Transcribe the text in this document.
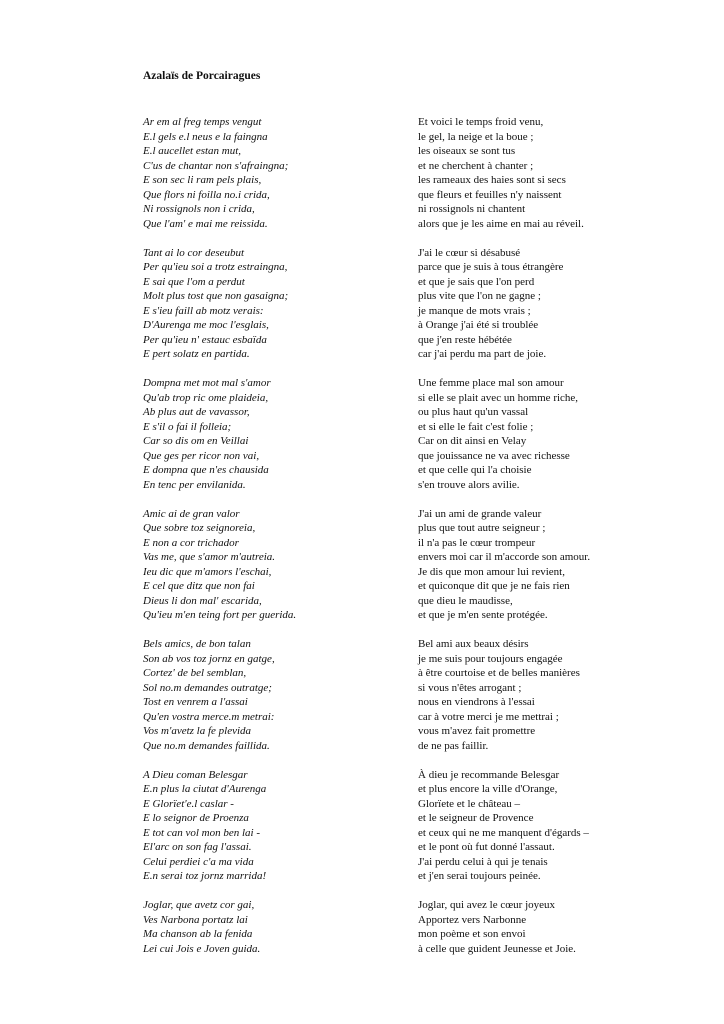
Azalaïs de Porcairagues
Ar em al freg temps vengut
E.l gels e.l neus e la faingna
E.l aucellet estan mut,
C'us de chantar non s'afraingna;
E son sec li ram pels plais,
Que flors ni foilla no.i crida,
Ni rossignols non i crida,
Que l'am' e mai me reissida.
Tant ai lo cor deseubut
Per qu'ieu soi a trotz estraingna,
E sai que l'om a perdut
Molt plus tost que non gasaigna;
E s'ieu faill ab motz verais:
D'Aurenga me moc l'esglais,
Per qu'ieu n' estauc esbaïda
E pert solatz en partida.
Dompna met mot mal s'amor
Qu'ab trop ric ome plaideia,
Ab plus aut de vavassor,
E s'il o fai il folleia;
Car so dis om en Veillai
Que ges per ricor non vai,
E dompna que n'es chausida
En tenc per envilanida.
Amic ai de gran valor
Que sobre toz seignoreia,
E non a cor trichador
Vas me, que s'amor m'autreia.
Ieu dic que m'amors l'eschai,
E cel que ditz que non fai
Dieus li don mal' escarida,
Qu'ieu m'en teing fort per guerida.
Bels amics, de bon talan
Son ab vos toz jornz en gatge,
Cortez' de bel semblan,
Sol no.m demandes outratge;
Tost en venrem a l'assai
Qu'en vostra merce.m metrai:
Vos m'avetz la fe plevida
Que no.m demandes faillida.
A Dieu coman Belesgar
E.n plus la ciutat d'Aurenga
E Glorïet'e.l caslar -
E lo seignor de Proenza
E tot can vol mon ben lai -
El'arc on son fag l'assai.
Celui perdiei c'a ma vida
E.n serai toz jornz marrida!
Joglar, que avetz cor gai,
Ves Narbona portatz lai
Ma chanson ab la fenida
Lei cui Jois e Joven guida.
Et voici le temps froid venu,
le gel, la neige et la boue ;
les oiseaux se sont tus
et ne cherchent à chanter ;
les rameaux des haies sont si secs
que fleurs et feuilles n'y naissent
ni rossignols ni chantent
alors que je les aime en mai au réveil.
J'ai le cœur si désabusé
parce que je suis à tous étrangère
et que je sais que l'on perd
plus vite que l'on ne gagne ;
je manque de mots vrais ;
à Orange j'ai été si troublée
que j'en reste hébétée
car j'ai perdu ma part de joie.
Une femme place mal son amour
si elle se plait avec un homme riche,
ou plus haut qu'un vassal
et si elle le fait c'est folie ;
Car on dit ainsi en Velay
que jouissance ne va avec richesse
et que celle qui l'a choisie
s'en trouve alors avilie.
J'ai un ami de grande valeur
plus que tout autre seigneur ;
il n'a pas le cœur trompeur
envers moi car il m'accorde son amour.
Je dis que mon amour lui revient,
et quiconque dit que je ne fais rien
que dieu le maudisse,
et que je m'en sente protégée.
Bel ami aux beaux désirs
je me suis pour toujours engagée
à être courtoise et de belles manières
si vous n'êtes arrogant ;
nous en viendrons à l'essai
car à votre merci je me mettrai ;
vous m'avez fait promettre
de ne pas faillir.
À dieu je recommande Belesgar
et plus encore la ville d'Orange,
Glorïete et le château –
et le seigneur de Provence
et ceux qui ne me manquent d'égards –
et le pont où fut donné l'assaut.
J'ai perdu celui à qui je tenais
et j'en serai toujours peinée.
Joglar, qui avez le cœur joyeux
Apportez vers Narbonne
mon poème et son envoi
à celle que guident Jeunesse et Joie.
